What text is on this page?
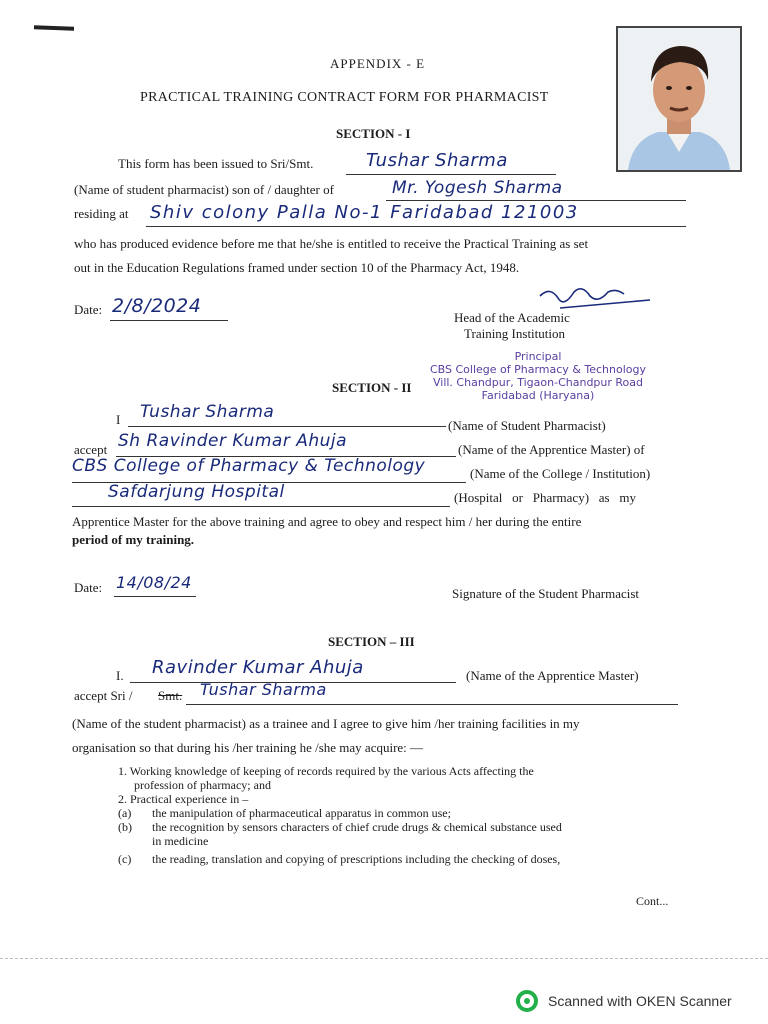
APPENDIX - E
PRACTICAL TRAINING CONTRACT FORM FOR PHARMACIST
SECTION - I
This form has been issued to Sri/Smt.	Tushar Sharma
(Name of student pharmacist) son of / daughter of	Mr. Yogesh Sharma
residing at Shiv colony Palla No-1 Faridabad 121003
who has produced evidence before me that he/she is entitled to receive the Practical Training as set
out in the Education Regulations framed under section 10 of the Pharmacy Act, 1948.
Date: 2/8/2024
Head of the Academic
Training Institution
Principal
CBS College of Pharmacy & Technology
Vill. Chandpur, Tigaon-Chandpur Road
Faridabad (Haryana)
SECTION - II
I Tushar Sharma
(Name of Student Pharmacist)
accept Sh Ravinder Kumar Ahuja	(Name of the Apprentice Master) of
CBS College of Pharmacy & Technology	(Name of the College / Institution)
Safdarjung Hospital	(Hospital   or   Pharmacy)   as   my
Apprentice Master for the above training and agree to obey and respect him / her during the entire
period of my training.
Date: 14/08/24
Signature of the Student Pharmacist
SECTION – III
I. Ravinder Kumar Ahuja	(Name of the Apprentice Master)
accept Sri / Smt. Tushar Sharma
(Name of the student pharmacist) as a trainee and I agree to give him /her training facilities in my
organisation so that during his /her training he /she may acquire: —
1. Working knowledge of keeping of records required by the various Acts affecting the
profession of pharmacy; and
2. Practical experience in –
(a)	the manipulation of pharmaceutical apparatus in common use;
(b)	the recognition by sensors characters of chief crude drugs & chemical substance used
in medicine
(c)	the reading, translation and copying of prescriptions including the checking of doses,
Cont...
Scanned with OKEN Scanner
